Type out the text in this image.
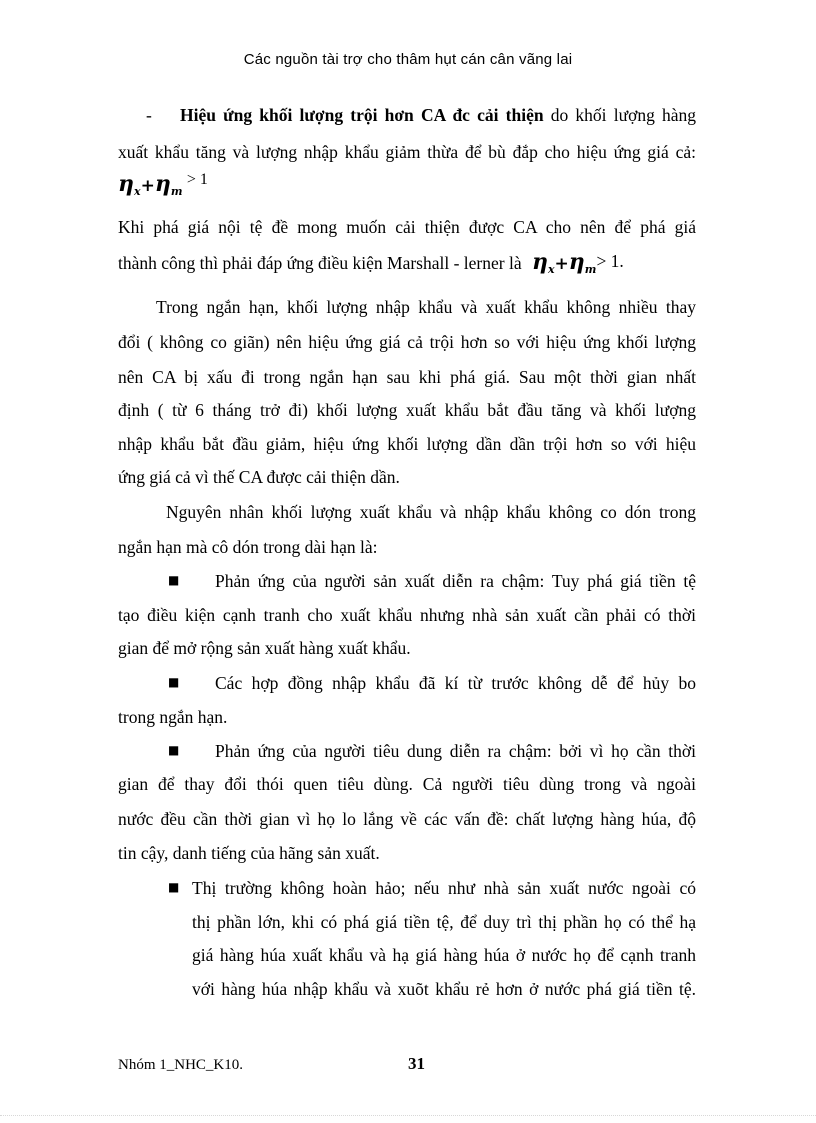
Các nguồn tài trợ cho thâm hụt cán cân vãng lai
- Hiệu ứng khối lượng trội hơn CA đc cải thiện do khối lượng hàng
xuất khẩu tăng và lượng nhập khẩu giảm thừa để bù đắp cho hiệu ứng giá cả:
$\eta_x+\eta_m > 1$
Khi phá giá nội tệ đề mong muốn cải thiện được CA cho nên để phá giá
thành công thì phải đáp ứng điều kiện Marshall - lerner là $\eta_x+\eta_m> 1$.
Trong ngắn hạn, khối lượng nhập khẩu và xuất khẩu không nhiều thay
đổi ( không co giãn) nên hiệu ứng giá cả trội hơn so với hiệu ứng khối lượng
nên CA bị xấu đi trong ngắn hạn sau khi phá giá. Sau một thời gian nhất
định ( từ 6 tháng trở đi) khối lượng xuất khẩu bắt đầu tăng và khối lượng
nhập khẩu bắt đầu giảm, hiệu ứng khối lượng dần dần trội hơn so với hiệu
ứng giá cả vì thế CA được cải thiện dần.
Nguyên nhân khối lượng xuất khẩu và nhập khẩu không co dón trong
ngắn hạn mà cô dón trong dài hạn là:
■ Phản ứng của người sản xuất diễn ra chậm: Tuy phá giá tiền tệ
tạo điều kiện cạnh tranh cho xuất khẩu nhưng nhà sản xuất cần phải có thời
gian để mở rộng sản xuất hàng xuất khẩu.
■ Các hợp đồng nhập khẩu đã kí từ trước không dễ để hủy bo
trong ngắn hạn.
■ Phản ứng của người tiêu dung diễn ra chậm: bởi vì họ cần thời
gian để thay đổi thói quen tiêu dùng. Cả người tiêu dùng trong và ngoài
nước đều cần thời gian vì họ lo lắng về các vấn đề: chất lượng hàng húa, độ
tin cậy, danh tiếng của hãng sản xuất.
■ Thị trường không hoàn hảo; nếu như nhà sản xuất nước ngoài có
thị phần lớn, khi có phá giá tiền tệ, để duy trì thị phần họ có thể hạ
giá hàng húa xuất khẩu và hạ giá hàng húa ở nước họ để cạnh tranh
với hàng húa nhập khẩu và xuõt khẩu rẻ hơn ở nước phá giá tiền tệ.
Nhóm 1_NHC_K10.	31
